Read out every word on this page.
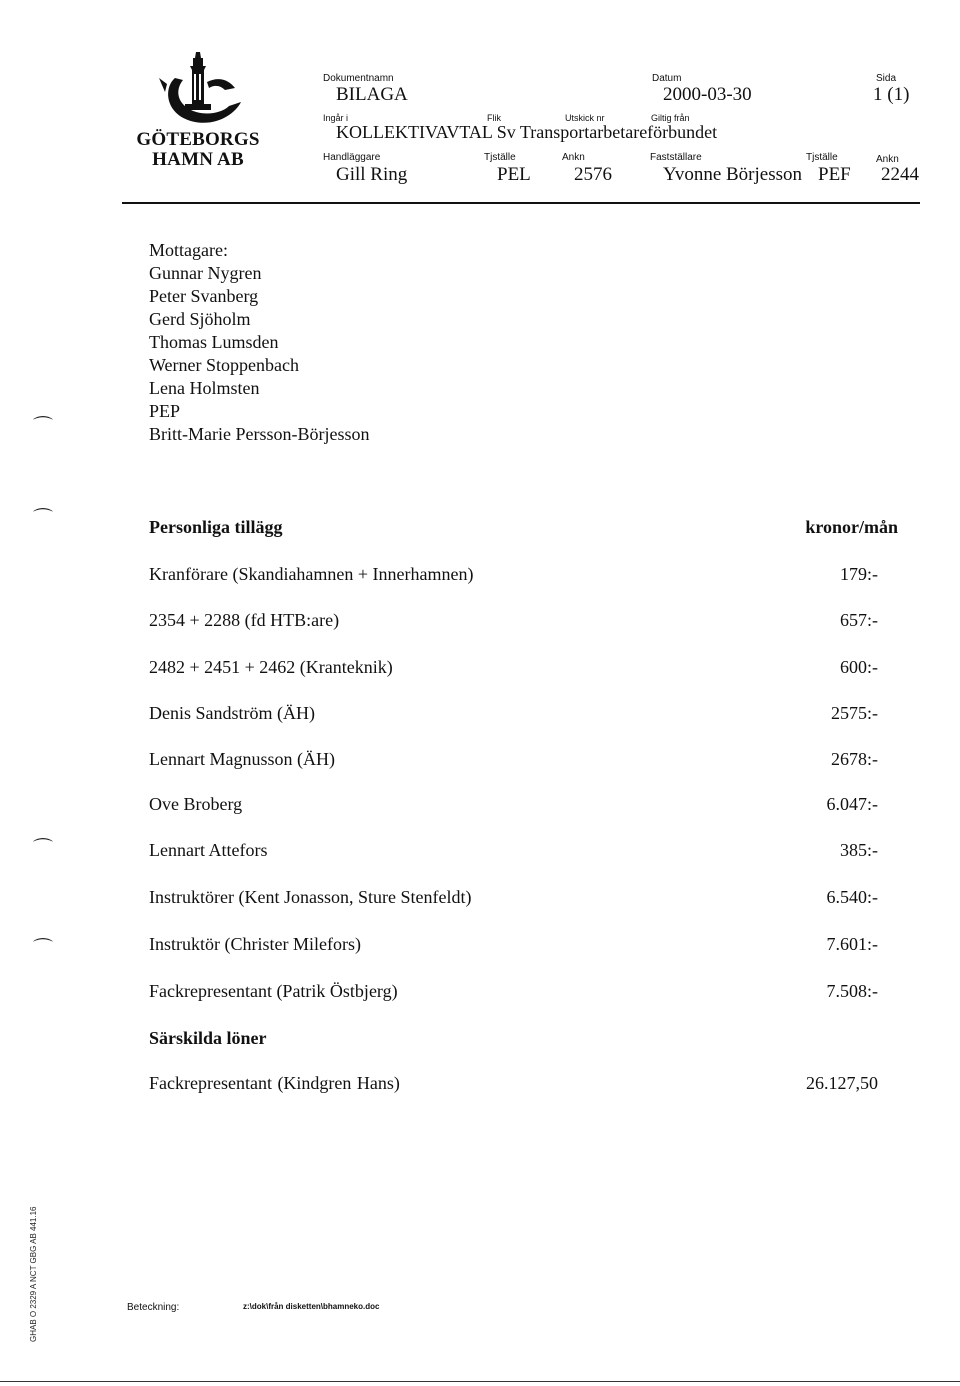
GÖTEBORGS
HAMN AB
Dokumentnamn
BILAGA
Datum
2000-03-30
Sida
1 (1)
Ingår i	Flik	Utskick nr	Giltig från
KOLLEKTIVAVTAL Sv Transportarbetareförbundet
Handläggare	Tjställe	Ankn	Fastställare	Tjställe	Ankn
Gill Ring	PEL 2576	Yvonne Börjesson PEF 2244
Mottagare:
Gunnar Nygren
Peter Svanberg
Gerd Sjöholm
Thomas Lumsden
Werner Stoppenbach
Lena Holmsten
PEP
Britt-Marie Persson-Börjesson
Personliga tillägg	kronor/mån
Kranförare (Skandiahamnen + Innerhamnen)	179:-
2354 + 2288 (fd HTB:are)	657:-
2482 + 2451 + 2462 (Kranteknik)	600:-
Denis Sandström (ÄH)	2575:-
Lennart Magnusson (ÄH)	2678:-
Ove Broberg	6.047:-
Lennart Attefors	385:-
Instruktörer (Kent Jonasson, Sture Stenfeldt)	6.540:-
Instruktör (Christer Milefors)	7.601:-
Fackrepresentant (Patrik Östbjerg)	7.508:-
Särskilda löner
Fackrepresentant (Kindgren Hans)	26.127,50
⌒
⌒
⌒
⌒
GHAB O 2329 A NCT GBG AB 441.16	Beteckning:	z:\dok\från disketten\bhamneko.doc
